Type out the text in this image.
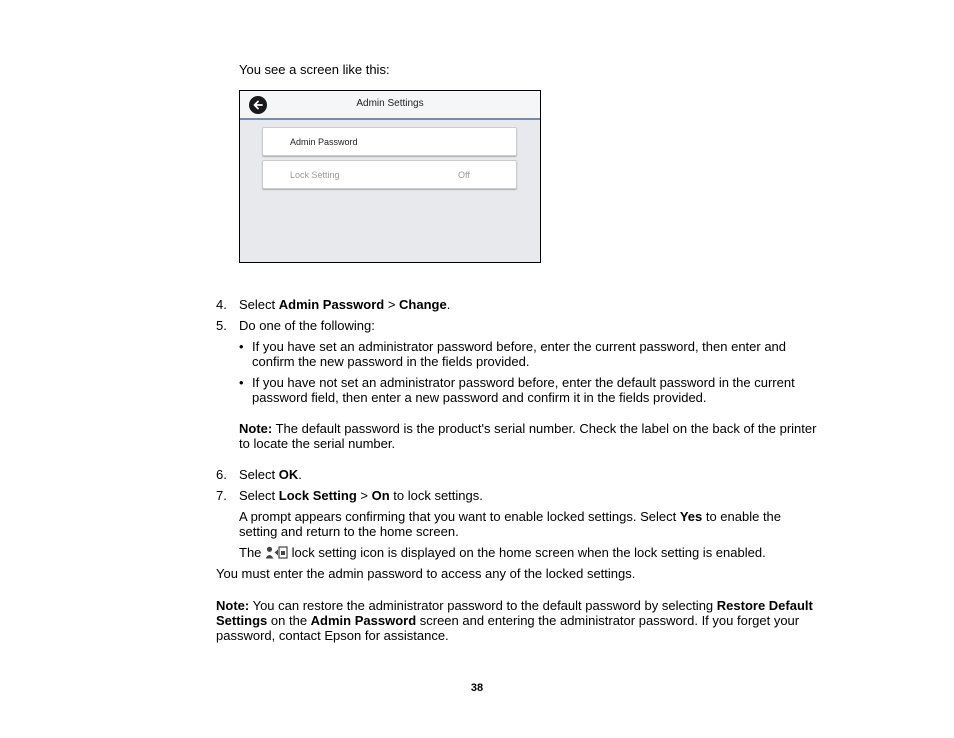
You see a screen like this:

Admin Settings
Admin Password
Lock Setting	Off
4. Select Admin Password > Change.

5. Do one of the following:

• If you have set an administrator password before, enter the current password, then enter and
confirm the new password in the fields provided.

• If you have not set an administrator password before, enter the default password in the current
password field, then enter a new password and confirm it in the fields provided.

Note: The default password is the product's serial number. Check the label on the back of the printer
to locate the serial number.

6. Select OK.

7. Select Lock Setting > On to lock settings.

A prompt appears confirming that you want to enable locked settings. Select Yes to enable the
setting and return to the home screen.

The  lock setting icon is displayed on the home screen when the lock setting is enabled.

You must enter the admin password to access any of the locked settings.

Note: You can restore the administrator password to the default password by selecting Restore Default
Settings on the Admin Password screen and entering the administrator password. If you forget your
password, contact Epson for assistance.

38
